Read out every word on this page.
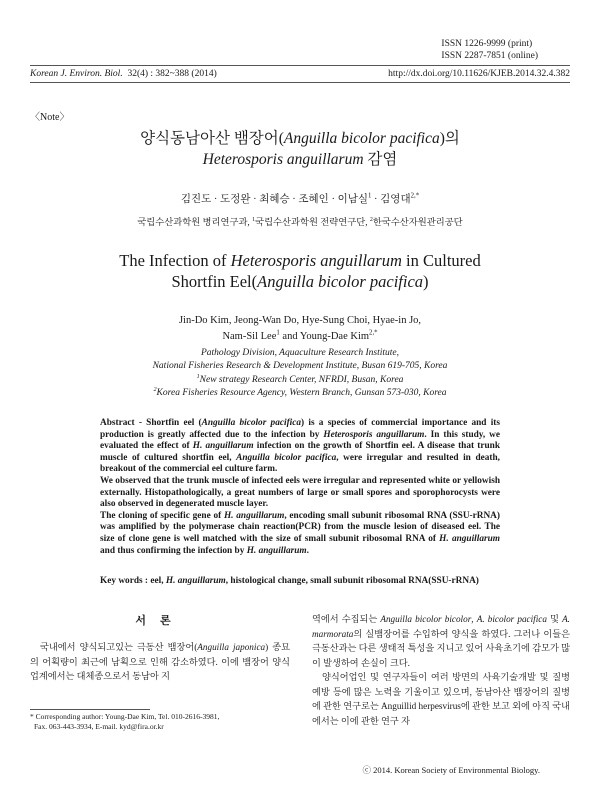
ISSN 1226-9999 (print)
ISSN 2287-7851 (online)
Korean J. Environ. Biol. 32(4) : 382~388 (2014)	http://dx.doi.org/10.11626/KJEB.2014.32.4.382
〈Note〉
양식동남아산 뱀장어(Anguilla bicolor pacifica)의
Heterosporis anguillarum 감염
김진도 · 도정완 · 최혜승 · 조혜인 · 이남실$^1$ · 김영대$^{2,*}$
국립수산과학원 병리연구과, $^1$국립수산과학원 전략연구단, $^2$한국수산자원관리공단
The Infection of Heterosporis anguillarum in Cultured
Shortfin Eel(Anguilla bicolor pacifica)
Jin-Do Kim, Jeong-Wan Do, Hye-Sung Choi, Hyae-in Jo,
Nam-Sil Lee$^1$ and Young-Dae Kim$^{2,*}$
Pathology Division, Aquaculture Research Institute,
National Fisheries Research & Development Institute, Busan 619-705, Korea
$^1$New strategy Research Center, NFRDI, Busan, Korea
$^2$Korea Fisheries Resource Agency, Western Branch, Gunsan 573-030, Korea

Abstract - Shortfin eel (Anguilla bicolor pacifica) is a species of commercial importance and its production is greatly affected due to the infection by Heterosporis anguillarum. In this study, we evaluated the effect of H. anguillarum infection on the growth of Shortfin eel. A disease that trunk muscle of cultured shortfin eel, Anguilla bicolor pacifica, were irregular and resulted in death, breakout of the commercial eel culture farm.

We observed that the trunk muscle of infected eels were irregular and represented white or yellowish externally. Histopathologically, a great numbers of large or small spores and sporophorocysts were also observed in degenerated muscle layer.

The cloning of specific gene of H. anguillarum, encoding small subunit ribosomal RNA (SSU-rRNA) was amplified by the polymerase chain reaction(PCR) from the muscle lesion of diseased eel. The size of clone gene is well matched with the size of small subunit ribosomal RNA of H. anguillarum and thus confirming the infection by H. anguillarum.

Key words : eel, H. anguillarum, histological change, small subunit ribosomal RNA(SSU-rRNA)
서론

국내에서 양식되고있는 극동산 뱀장어(Anguilla japonica) 종묘의 어획량이 최근에 남획으로 인해 감소하였다. 이에 뱀장어 양식업계에서는 대체종으로서 동남아 지

역에서 수집되는 Anguilla bicolor bicolor, A. bicolor pacifica 및 A. marmorata의 실뱀장어를 수입하여 양식을 하였다. 그러나 이들은 극동산과는 다른 생태적 특성을 지니고 있어 사육초기에 감모가 많이 발생하여 손실이 크다.

양식어업인 및 연구자들이 여러 방면의 사육기술개발 및 질병 예방 등에 많은 노력을 기울이고 있으며, 동남아산 뱀장어의 질병에 관한 연구로는 Anguillid herpesvirus에 관한 보고 외에 아직 국내에서는 이에 관한 연구 자

* Corresponding author: Young-Dae Kim, Tel. 010-2616-3981,
Fax. 063-443-3934, E-mail. kyd@fira.or.kr
ⓒ 2014. Korean Society of Environmental Biology.
